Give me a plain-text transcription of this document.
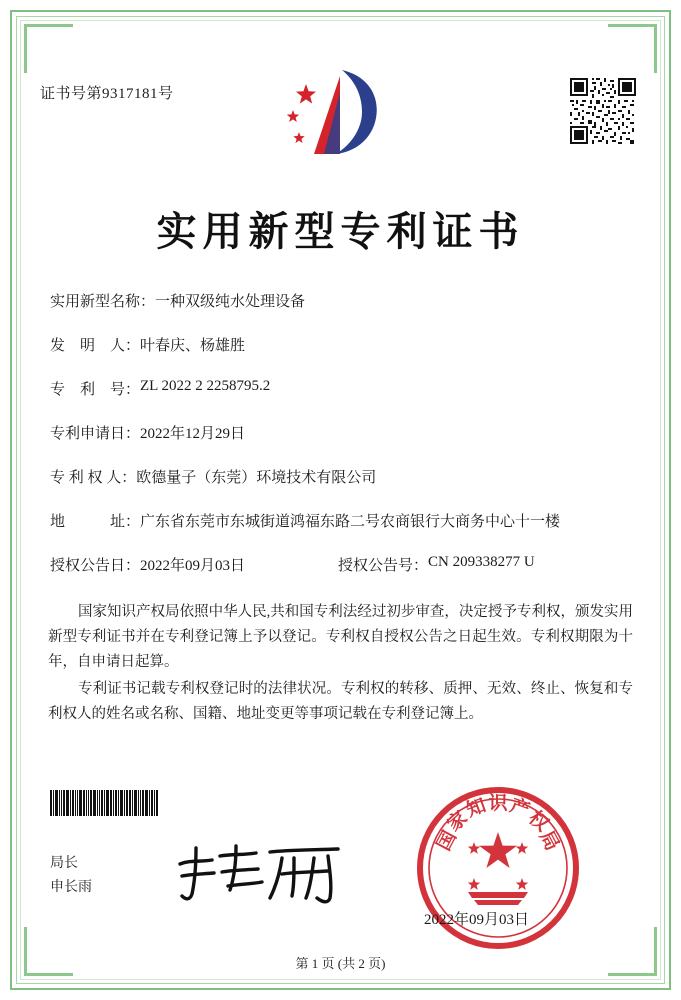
证书号第9317181号
实用新型专利证书
实用新型名称：一种双级纯水处理设备
发　明　人：叶春庆、杨雄胜
专　利　号：ZL 2022 2 2258795.2
专利申请日：2022年12月29日
专 利 权 人：欧德量子（东莞）环境技术有限公司
地　　　址：广东省东莞市东城街道鸿福东路二号农商银行大商务中心十一楼
授权公告日：2022年09月03日	授权公告号：CN 209338277 U

国家知识产权局依照中华人民,共和国专利法经过初步审查，决定授予专利权，颁发实用新型专利证书并在专利登记簿上予以登记。专利权自授权公告之日起生效。专利权期限为十年，自申请日起算。

专利证书记载专利权登记时的法律状况。专利权的转移、质押、无效、终止、恢复和专利权人的姓名或名称、国籍、地址变更等事项记载在专利登记簿上。

局长
申长雨
国
家
知 识 产
权
局
2022年09月03日
第 1 页 (共 2 页)
